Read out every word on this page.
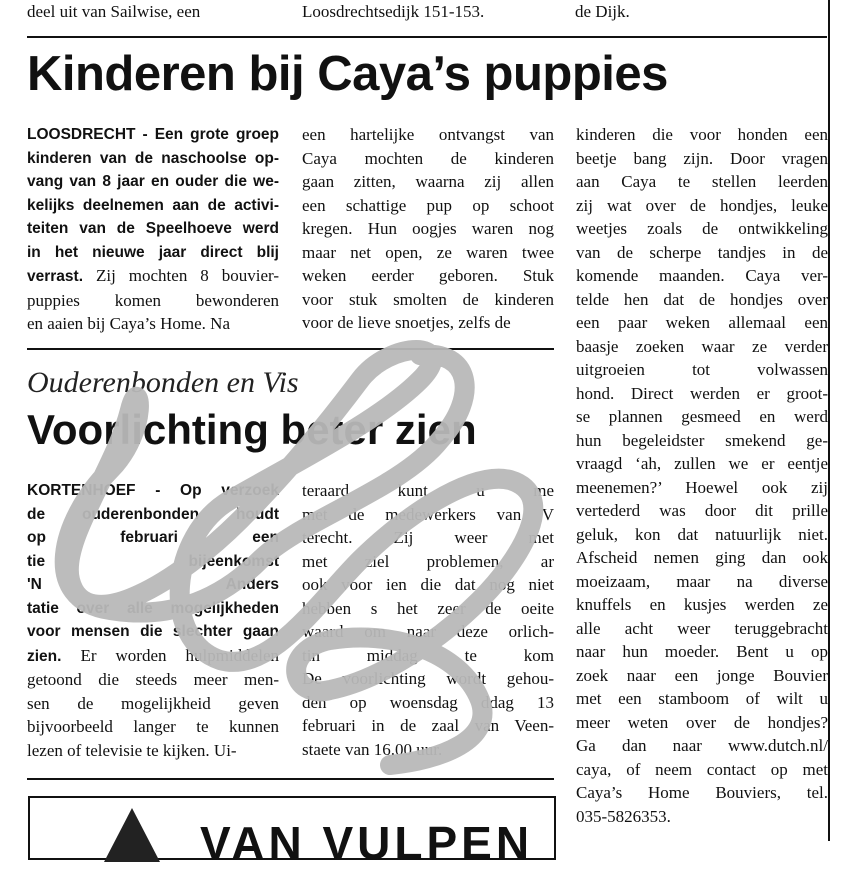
deel uit van Sailwise, een	Loosdrechtsedijk 151-153.	de Dijk.
Kinderen bij Caya’s puppies
LOOSDRECHT - Een grote groep
kinderen van de naschoolse op-
vang van 8 jaar en ouder die we-
kelijks deelnemen aan de activi-
teiten van de Speelhoeve werd
in het nieuwe jaar direct blij
verrast. Zij mochten 8 bouvier-
puppies komen bewonderen
en aaien bij Caya’s Home. Na
een hartelijke ontvangst van
Caya mochten de kinderen
gaan zitten, waarna zij allen
een schattige pup op schoot
kregen. Hun oogjes waren nog
maar net open, ze waren twee
weken eerder geboren. Stuk
voor stuk smolten de kinderen
voor de lieve snoetjes, zelfs de
kinderen die voor honden een
beetje bang zijn. Door vragen
aan Caya te stellen leerden
zij wat over de hondjes, leuke
weetjes zoals de ontwikkeling
van de scherpe tandjes in de
komende maanden. Caya ver-
telde hen dat de hondjes over
een paar weken allemaal een
baasje zoeken waar ze verder
uitgroeien tot volwassen
hond. Direct werden er groot-
se plannen gesmeed en werd
hun begeleidster smekend ge-
vraagd ‘ah, zullen we er eentje
meenemen?’ Hoewel ook zij
vertederd was door dit prille
geluk, kon dat natuurlijk niet.
Afscheid nemen ging dan ook
moeizaam, maar na diverse
knuffels en kusjes werden ze
alle acht weer teruggebracht
naar hun moeder. Bent u op
zoek naar een jonge Bouvier
met een stamboom of wilt u
meer weten over de hondjes?
Ga dan naar www.dutch.nl/
caya, of neem contact op met
Caya’s Home Bouviers, tel.
035-5826353.
Ouderenbonden en Vis
Voorlichting beter zien
KORTENHOEF - Op verzoek
de ouderenbonden houdt
op februari een
tie bijeenkomst
'N Anders
tatie over alle mogelijkheden
voor mensen die slechter gaan
zien. Er worden hulpmiddelen
getoond die steeds meer men-
sen de mogelijkheid geven
bijvoorbeeld langer te kunnen
lezen of televisie te kijken. Ui-
teraard kunt u me
met de medewerkers van V
terecht. Zij weer met
met ziel problemen, ar
ook voor ien die dat nog niet
hebben s het zeer de oeite
waard om naar deze orlich-
tin middag te kom
De voorlichting wordt gehou-
den op woensdag ddag 13
februari in de zaal van Veen-
staete van 16.00 uur.
VAN VULPEN
